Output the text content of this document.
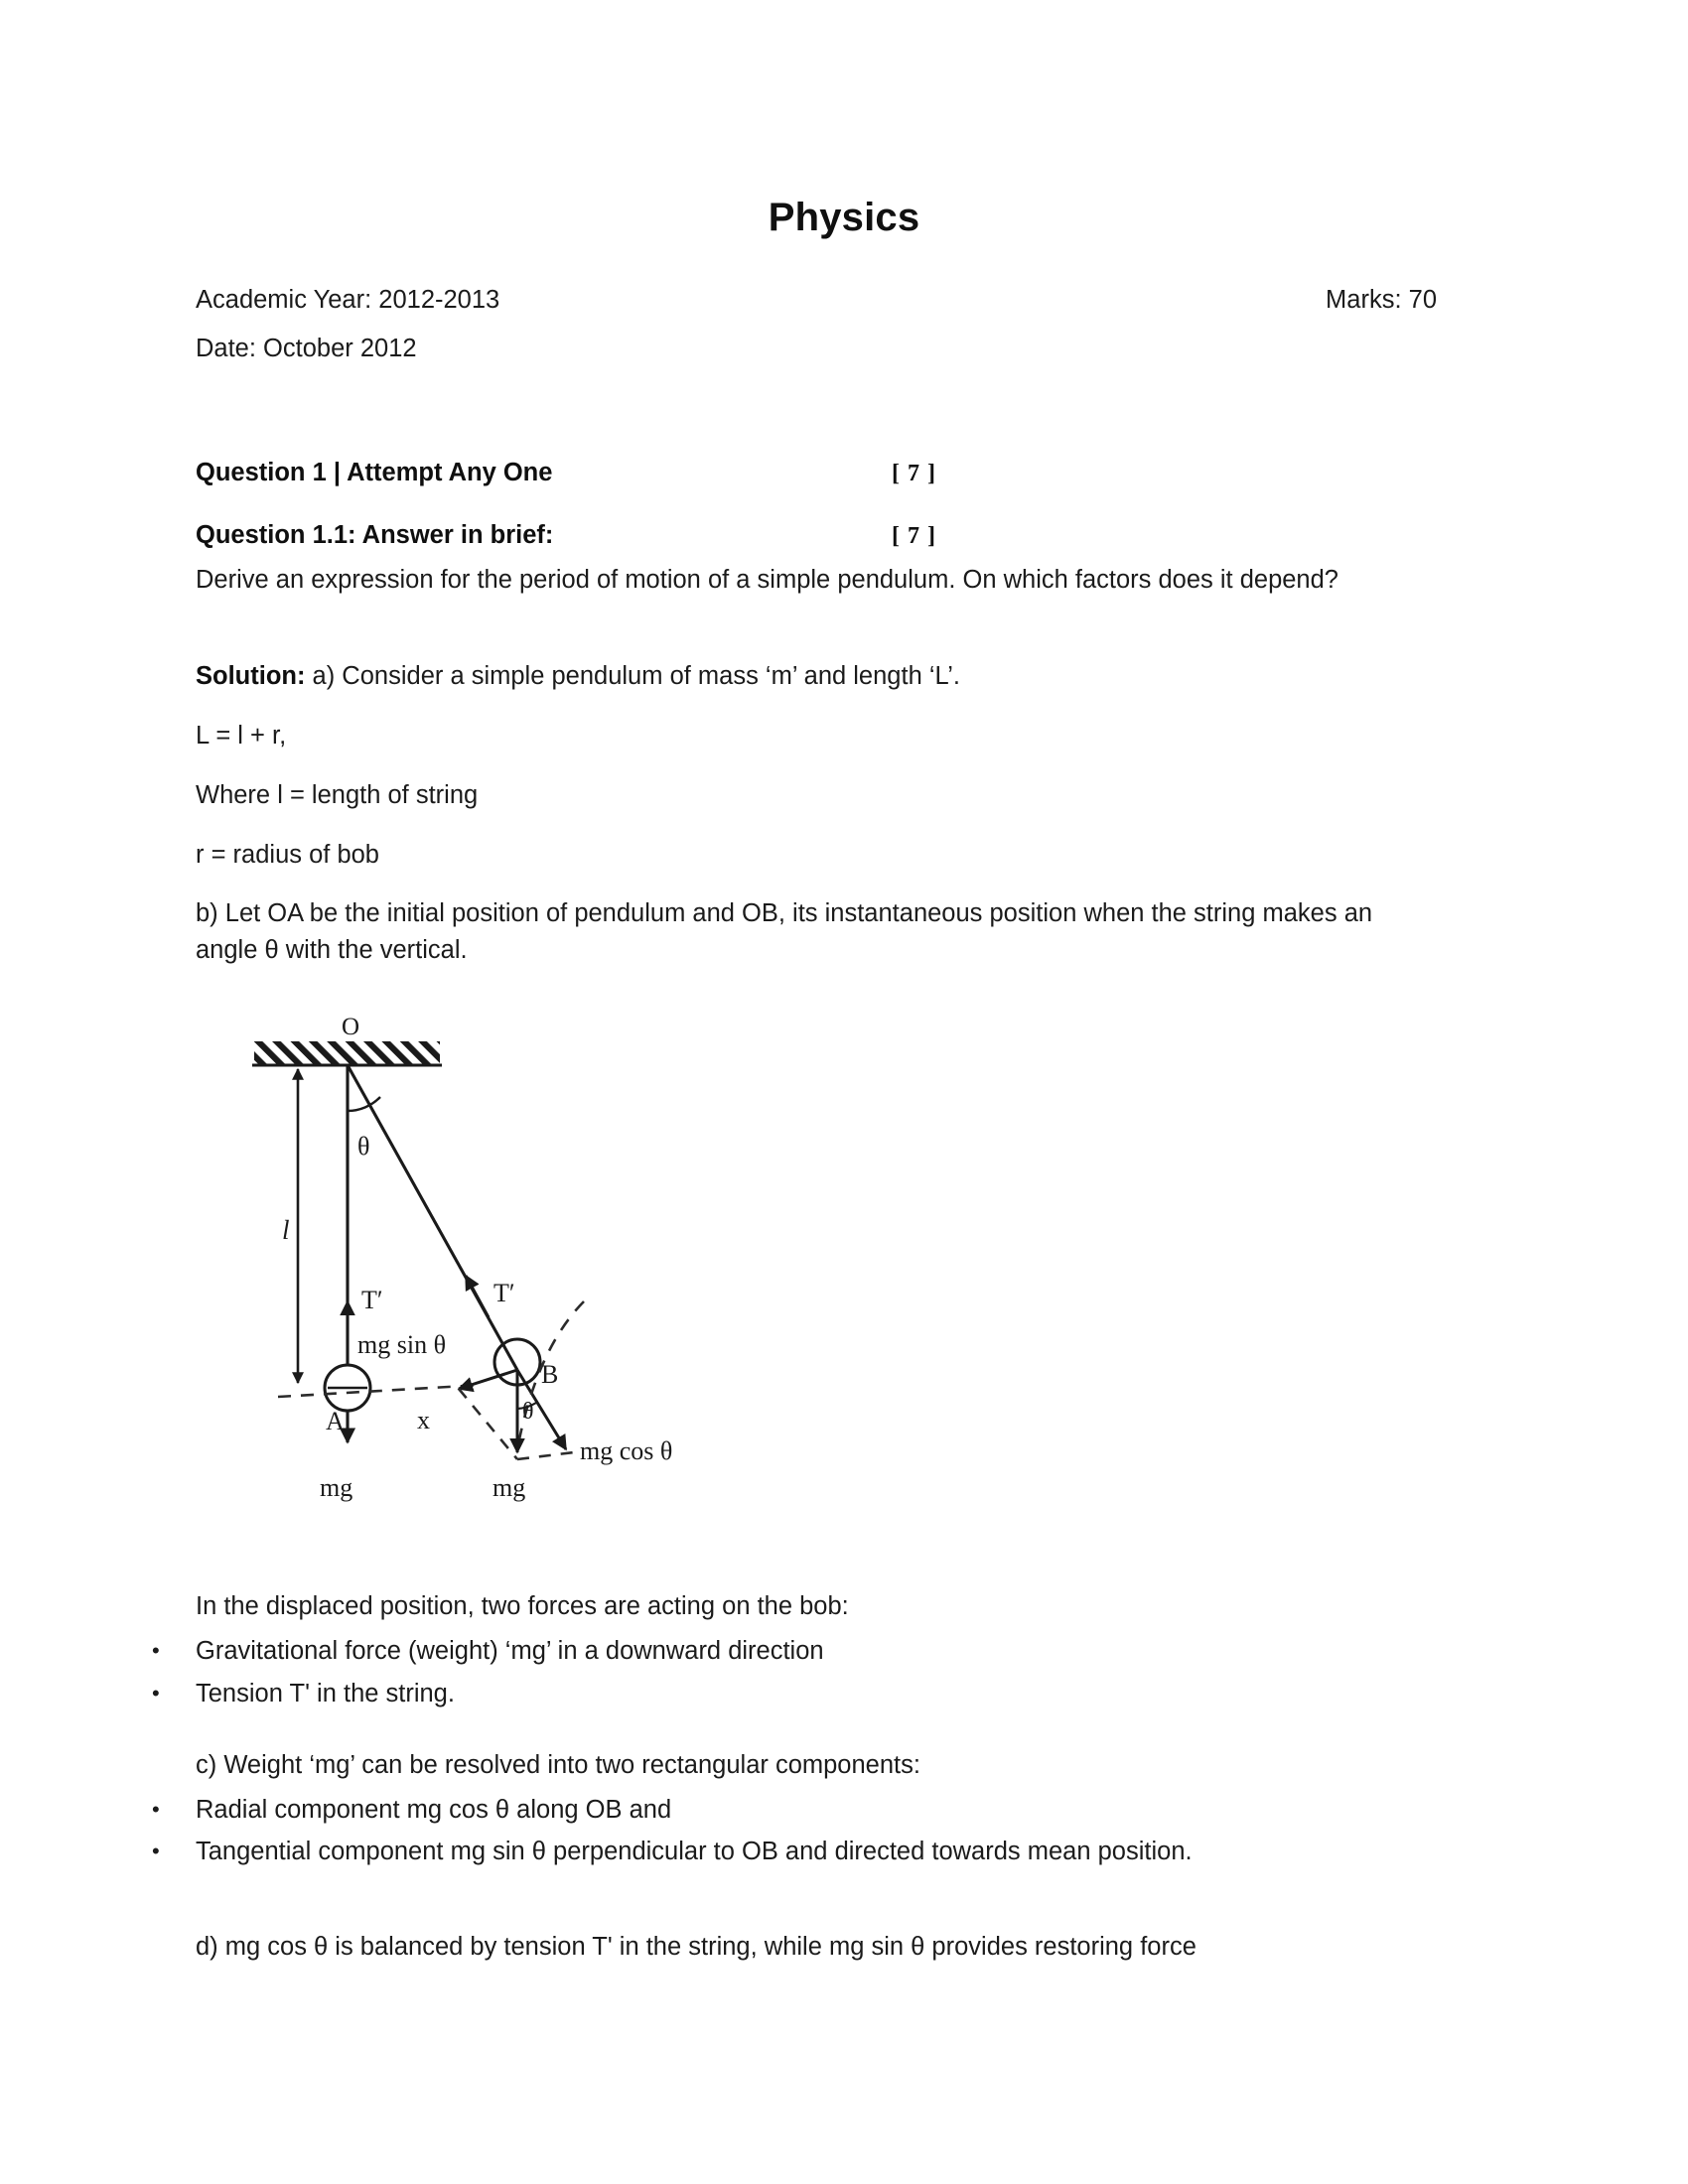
Physics
Academic Year: 2012-2013	Marks: 70
Date: October 2012
Question 1 | Attempt Any One	[ 7 ]
Question 1.1: Answer in brief:	[ 7 ]
Derive an expression for the period of motion of a simple pendulum. On which factors does it depend?
Solution: a) Consider a simple pendulum of mass ‘m’ and length ‘L’.
L = l + r,
Where l = length of string
r = radius of bob
b) Let OA be the initial position of pendulum and OB, its instantaneous position when the string makes an angle θ with the vertical.
O
l
θ
T′
T′
A
B
mg sin θ
x	θ
mg cos θ
mg	mg
In the displaced position, two forces are acting on the bob:
• Gravitational force (weight) ‘mg’ in a downward direction
• Tension T' in the string.
c) Weight ‘mg’ can be resolved into two rectangular components:
• Radial component mg cos θ along OB and
• Tangential component mg sin θ perpendicular to OB and directed towards mean position.
d) mg cos θ is balanced by tension T' in the string, while mg sin θ provides restoring force
